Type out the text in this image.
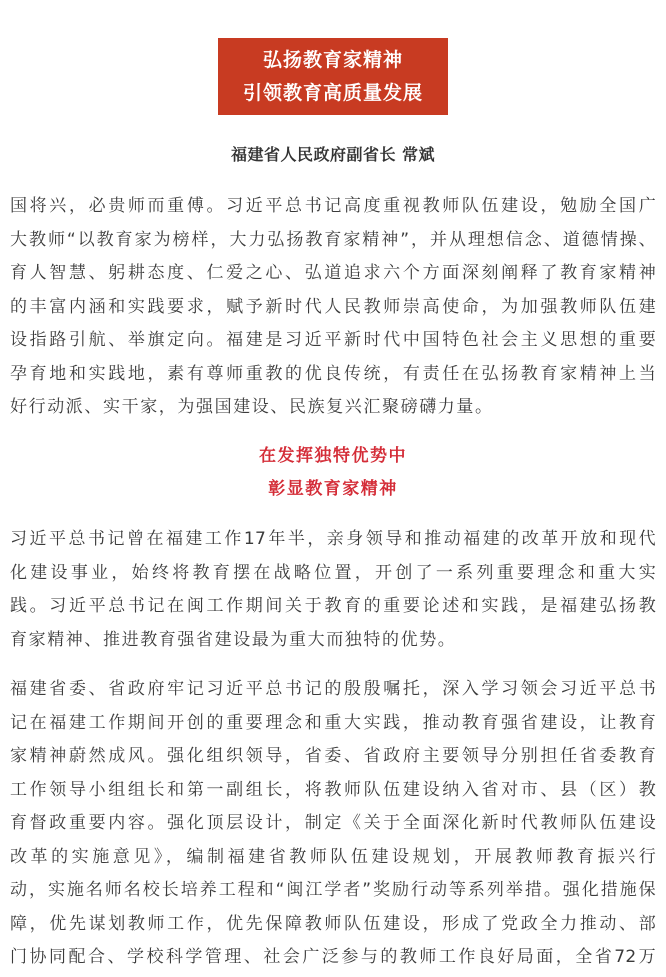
弘扬教育家精神
引领教育高质量发展
福建省人民政府副省长 常斌
国将兴，必贵师而重傅。习近平总书记高度重视教师队伍建设，勉励全国广
大教师“以教育家为榜样，大力弘扬教育家精神”，并从理想信念、道德情操、
育人智慧、躬耕态度、仁爱之心、弘道追求六个方面深刻阐释了教育家精神
的丰富内涵和实践要求，赋予新时代人民教师崇高使命，为加强教师队伍建
设指路引航、举旗定向。福建是习近平新时代中国特色社会主义思想的重要
孕育地和实践地，素有尊师重教的优良传统，有责任在弘扬教育家精神上当
好行动派、实干家，为强国建设、民族复兴汇聚磅礴力量。
在发挥独特优势中
彰显教育家精神
习近平总书记曾在福建工作17年半，亲身领导和推动福建的改革开放和现代
化建设事业，始终将教育摆在战略位置，开创了一系列重要理念和重大实
践。习近平总书记在闽工作期间关于教育的重要论述和实践，是福建弘扬教
育家精神、推进教育强省建设最为重大而独特的优势。
福建省委、省政府牢记习近平总书记的殷殷嘱托，深入学习领会习近平总书
记在福建工作期间开创的重要理念和重大实践，推动教育强省建设，让教育
家精神蔚然成风。强化组织领导，省委、省政府主要领导分别担任省委教育
工作领导小组组长和第一副组长，将教师队伍建设纳入省对市、县（区）教
育督政重要内容。强化顶层设计，制定《关于全面深化新时代教师队伍建设
改革的实施意见》，编制福建省教师队伍建设规划，开展教师教育振兴行
动，实施名师名校长培养工程和“闽江学者”奖励行动等系列举措。强化措施保
障，优先谋划教师工作，优先保障教师队伍建设，形成了党政全力推动、部
门协同配合、学校科学管理、社会广泛参与的教师工作良好局面，全省72万
